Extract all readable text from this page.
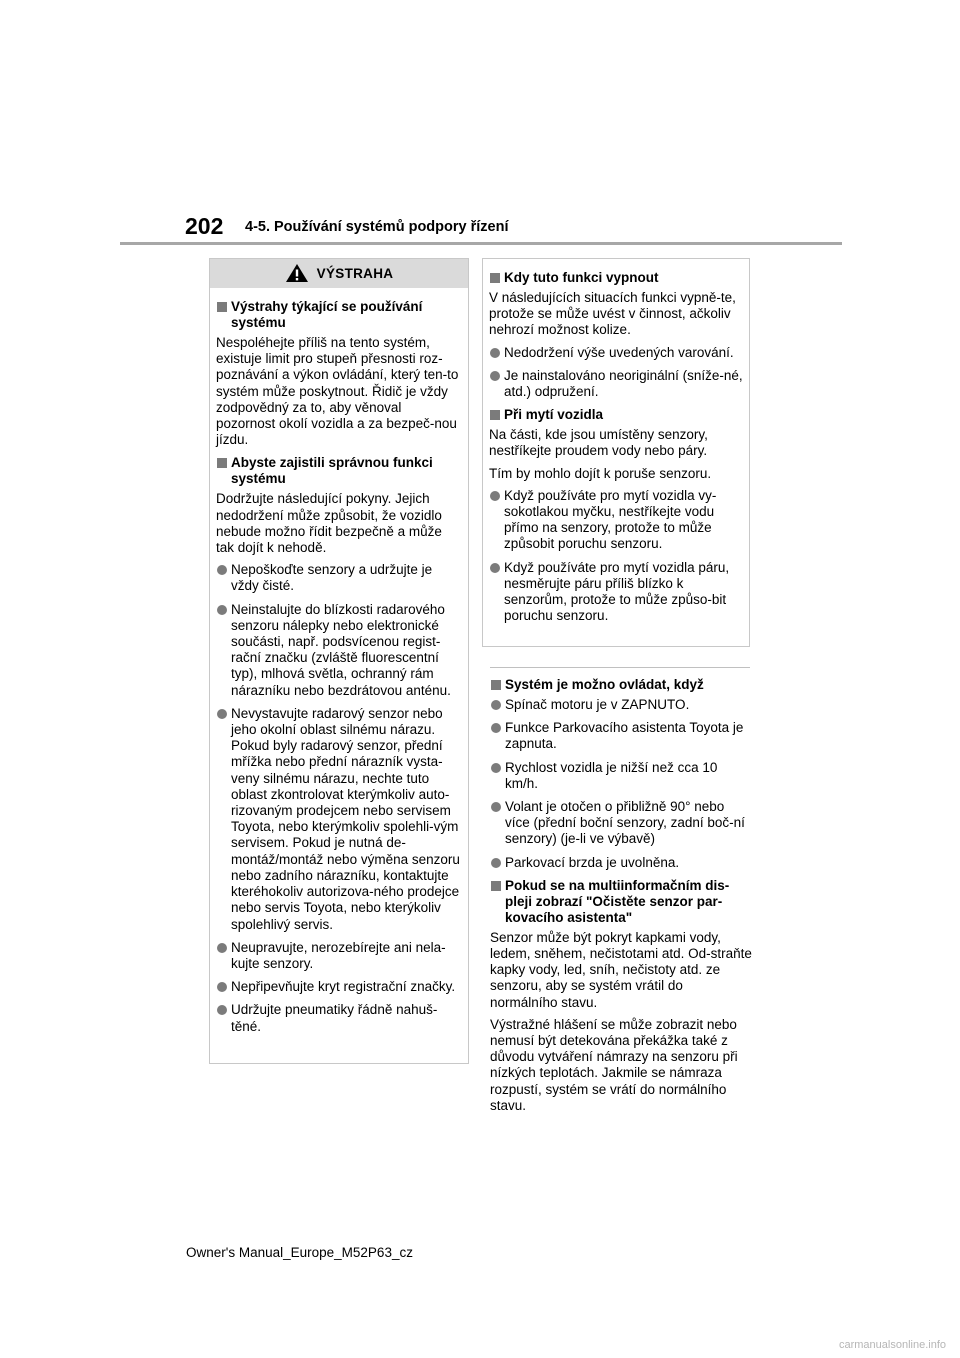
202 4-5. Používání systémů podpory řízení
VÝSTRAHA
Výstrahy týkající se používání systému
Nespoléhejte příliš na tento systém, existuje limit pro stupeň přesnosti roz-poznávání a výkon ovládání, který ten-to systém může poskytnout. Řidič je vždy zodpovědný za to, aby věnoval pozornost okolí vozidla a za bezpeč-nou jízdu.
Abyste zajistili správnou funkci systému
Dodržujte následující pokyny. Jejich nedodržení může způsobit, že vozidlo nebude možno řídit bezpečně a může tak dojít k nehodě.
Nepoškoďte senzory a udržujte je vždy čisté.
Neinstalujte do blízkosti radarového senzoru nálepky nebo elektronické součásti, např. podsvícenou regist-rační značku (zvláště fluorescentní typ), mlhová světla, ochranný rám nárazníku nebo bezdrátovou anténu.
Nevystavujte radarový senzor nebo jeho okolní oblast silnému nárazu. Pokud byly radarový senzor, přední mřížka nebo přední nárazník vysta-veny silnému nárazu, nechte tuto oblast zkontrolovat kterýmkoliv auto-rizovaným prodejcem nebo servisem Toyota, nebo kterýmkoliv spolehli-vým servisem. Pokud je nutná de-montáž/montáž nebo výměna senzoru nebo zadního nárazníku, kontaktujte kteréhokoliv autorizova-ného prodejce nebo servis Toyota, nebo kterýkoliv spolehlivý servis.
Neupravujte, nerozebírejte ani nela-kujte senzory.
Nepřipevňujte kryt registrační značky.
Udržujte pneumatiky řádně nahuš-těné.
Kdy tuto funkci vypnout
V následujících situacích funkci vypně-te, protože se může uvést v činnost, ačkoliv nehrozí možnost kolize.
Nedodržení výše uvedených varování.
Je nainstalováno neoriginální (sníže-né, atd.) odpružení.
Při mytí vozidla
Na části, kde jsou umístěny senzory, nestříkejte proudem vody nebo páry.
Tím by mohlo dojít k poruše senzoru.
Když používáte pro mytí vozidla vy-sokotlakou myčku, nestříkejte vodu přímo na senzory, protože to může způsobit poruchu senzoru.
Když používáte pro mytí vozidla páru, nesměrujte páru příliš blízko k senzorům, protože to může způso-bit poruchu senzoru.
Systém je možno ovládat, když
Spínač motoru je v ZAPNUTO.
Funkce Parkovacího asistenta Toyota je zapnuta.
Rychlost vozidla je nižší než cca 10 km/h.
Volant je otočen o přibližně 90° nebo více (přední boční senzory, zadní boč-ní senzory) (je-li ve výbavě)
Parkovací brzda je uvolněna.
Pokud se na multiinformačním dis-pleji zobrazí "Očistěte senzor par-kovacího asistenta"
Senzor může být pokryt kapkami vody, ledem, sněhem, nečistotami atd. Od-straňte kapky vody, led, sníh, nečistoty atd. ze senzoru, aby se systém vrátil do normálního stavu.
Výstražné hlášení se může zobrazit nebo nemusí být detekována překážka také z důvodu vytváření námrazy na senzoru při nízkých teplotách. Jakmile se námraza rozpustí, systém se vrátí do normálního stavu.
Owner's Manual_Europe_M52P63_cz
carmanualsonline.info
